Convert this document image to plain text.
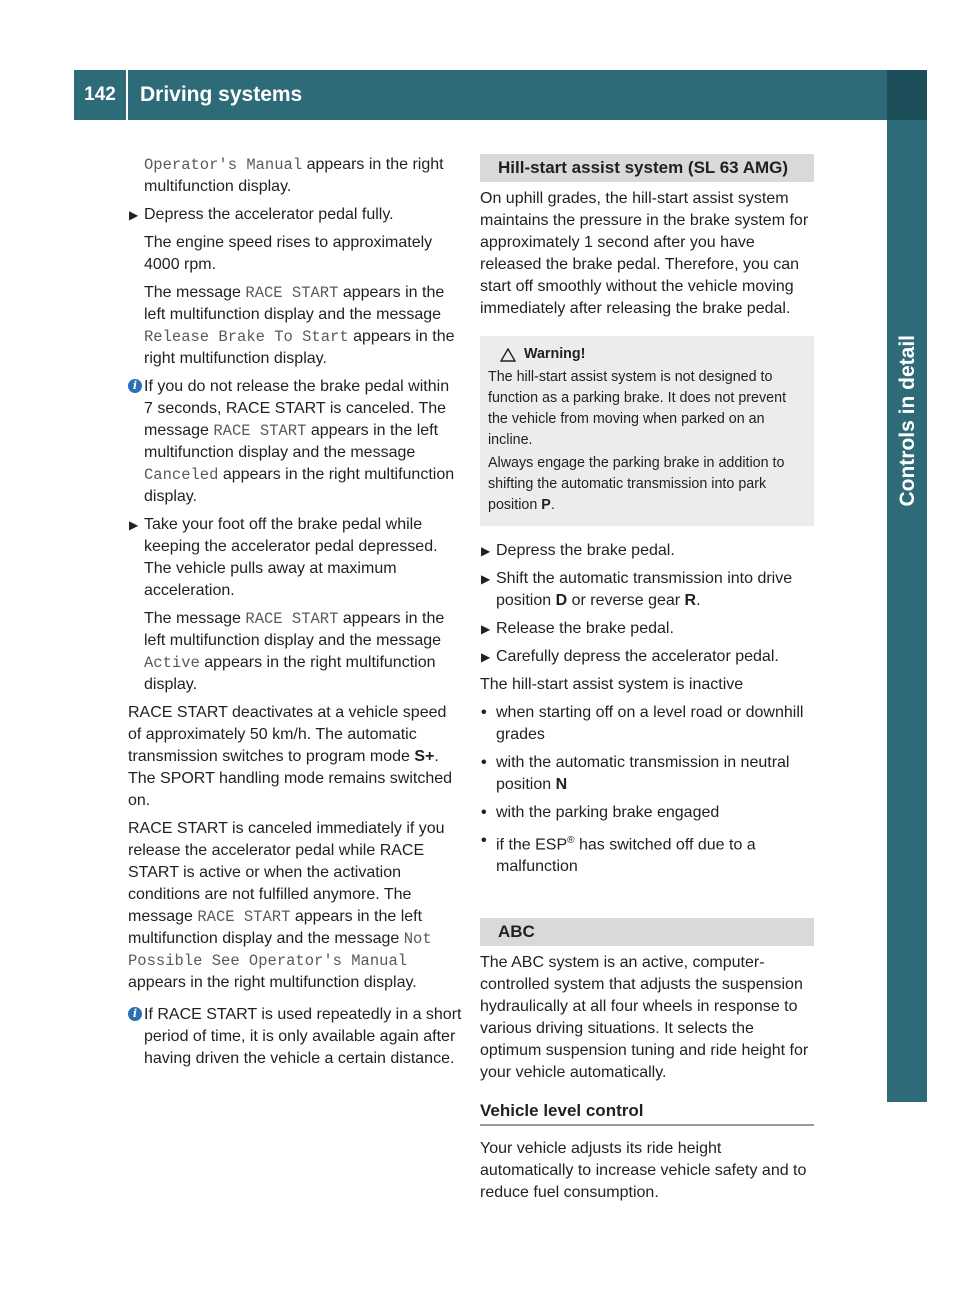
142	Driving systems
Controls in detail

Operator's Manual appears in the right multifunction display.

▶︎ Depress the accelerator pedal fully.

The engine speed rises to approximately 4000 rpm.

The message RACE START appears in the left multifunction display and the message Release Brake To Start appears in the right multifunction display.

i If you do not release the brake pedal within 7 seconds, RACE START is canceled. The message RACE START appears in the left multifunction display and the message Canceled appears in the right multifunction display.
▶︎ Take your foot off the brake pedal while keeping the accelerator pedal depressed. The vehicle pulls away at maximum acceleration.

The message RACE START appears in the left multifunction display and the message Active appears in the right multifunction display.

RACE START deactivates at a vehicle speed of approximately 50 km/h. The automatic transmission switches to program mode S+. The SPORT handling mode remains switched on.

RACE START is canceled immediately if you release the accelerator pedal while RACE START is active or when the activation conditions are not fulfilled anymore. The message RACE START appears in the left multifunction display and the message Not Possible See Operator's Manual appears in the right multifunction display.

i If RACE START is used repeatedly in a short period of time, it is only available again after having driven the vehicle a certain distance.
Hill-start assist system (SL 63 AMG)

On uphill grades, the hill-start assist system maintains the pressure in the brake system for approximately 1 second after you have released the brake pedal. Therefore, you can start off smoothly without the vehicle moving immediately after releasing the brake pedal.

Warning!

The hill-start assist system is not designed to function as a parking brake. It does not prevent the vehicle from moving when parked on an incline.

Always engage the parking brake in addition to shifting the automatic transmission into park position P.

▶︎ Depress the brake pedal.
▶︎ Shift the automatic transmission into drive position D or reverse gear R.
▶︎ Release the brake pedal.
▶︎ Carefully depress the accelerator pedal.

The hill-start assist system is inactive

• when starting off on a level road or downhill grades
• with the automatic transmission in neutral position N
• with the parking brake engaged
• if the ESP® has switched off due to a malfunction
ABC

The ABC system is an active, computer-controlled system that adjusts the suspension hydraulically at all four wheels in response to various driving situations. It selects the optimum suspension tuning and ride height for your vehicle automatically.

Vehicle level control

Your vehicle adjusts its ride height automatically to increase vehicle safety and to reduce fuel consumption.
